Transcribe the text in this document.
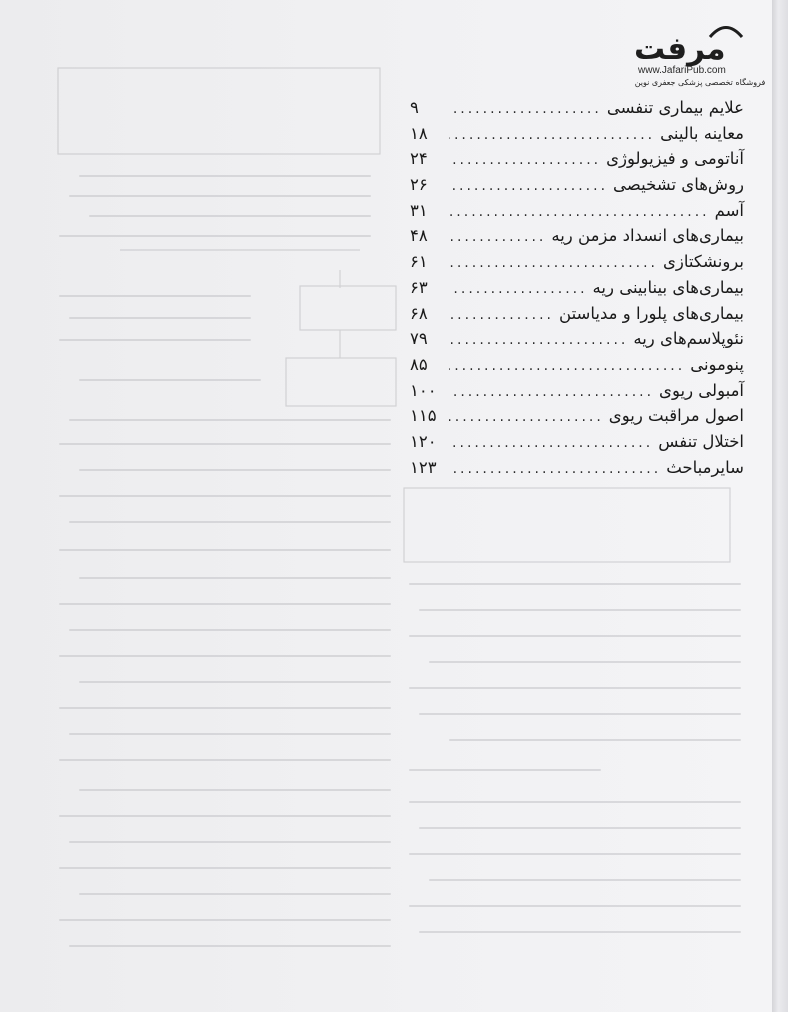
مرفت
www.JafariPub.com
فروشگاه تخصصی پزشکی جعفری نوین
علایم بیماری تنفسی
.....
۹
معاینه بالینی
.....
۱۸
آناتومی و فیزیولوژی
.....
۲۴
روش‌های تشخیصی
.....
۲۶
آسم
.....
۳۱
بیماری‌های انسداد مزمن ریه
.....
۴۸
برونشکتازی
.....
۶۱
بیماری‌های بینابینی ریه
.....
۶۳
بیماری‌های پلورا و مدیاستن
.....
۶۸
نئوپلاسم‌های ریه
.....
۷۹
پنومونی
.....
۸۵
آمبولی ریوی
.....
۱۰۰
اصول مراقبت ریوی
.....
۱۱۵
اختلال تنفس
.....
۱۲۰
سایرمباحث
.....
۱۲۳
